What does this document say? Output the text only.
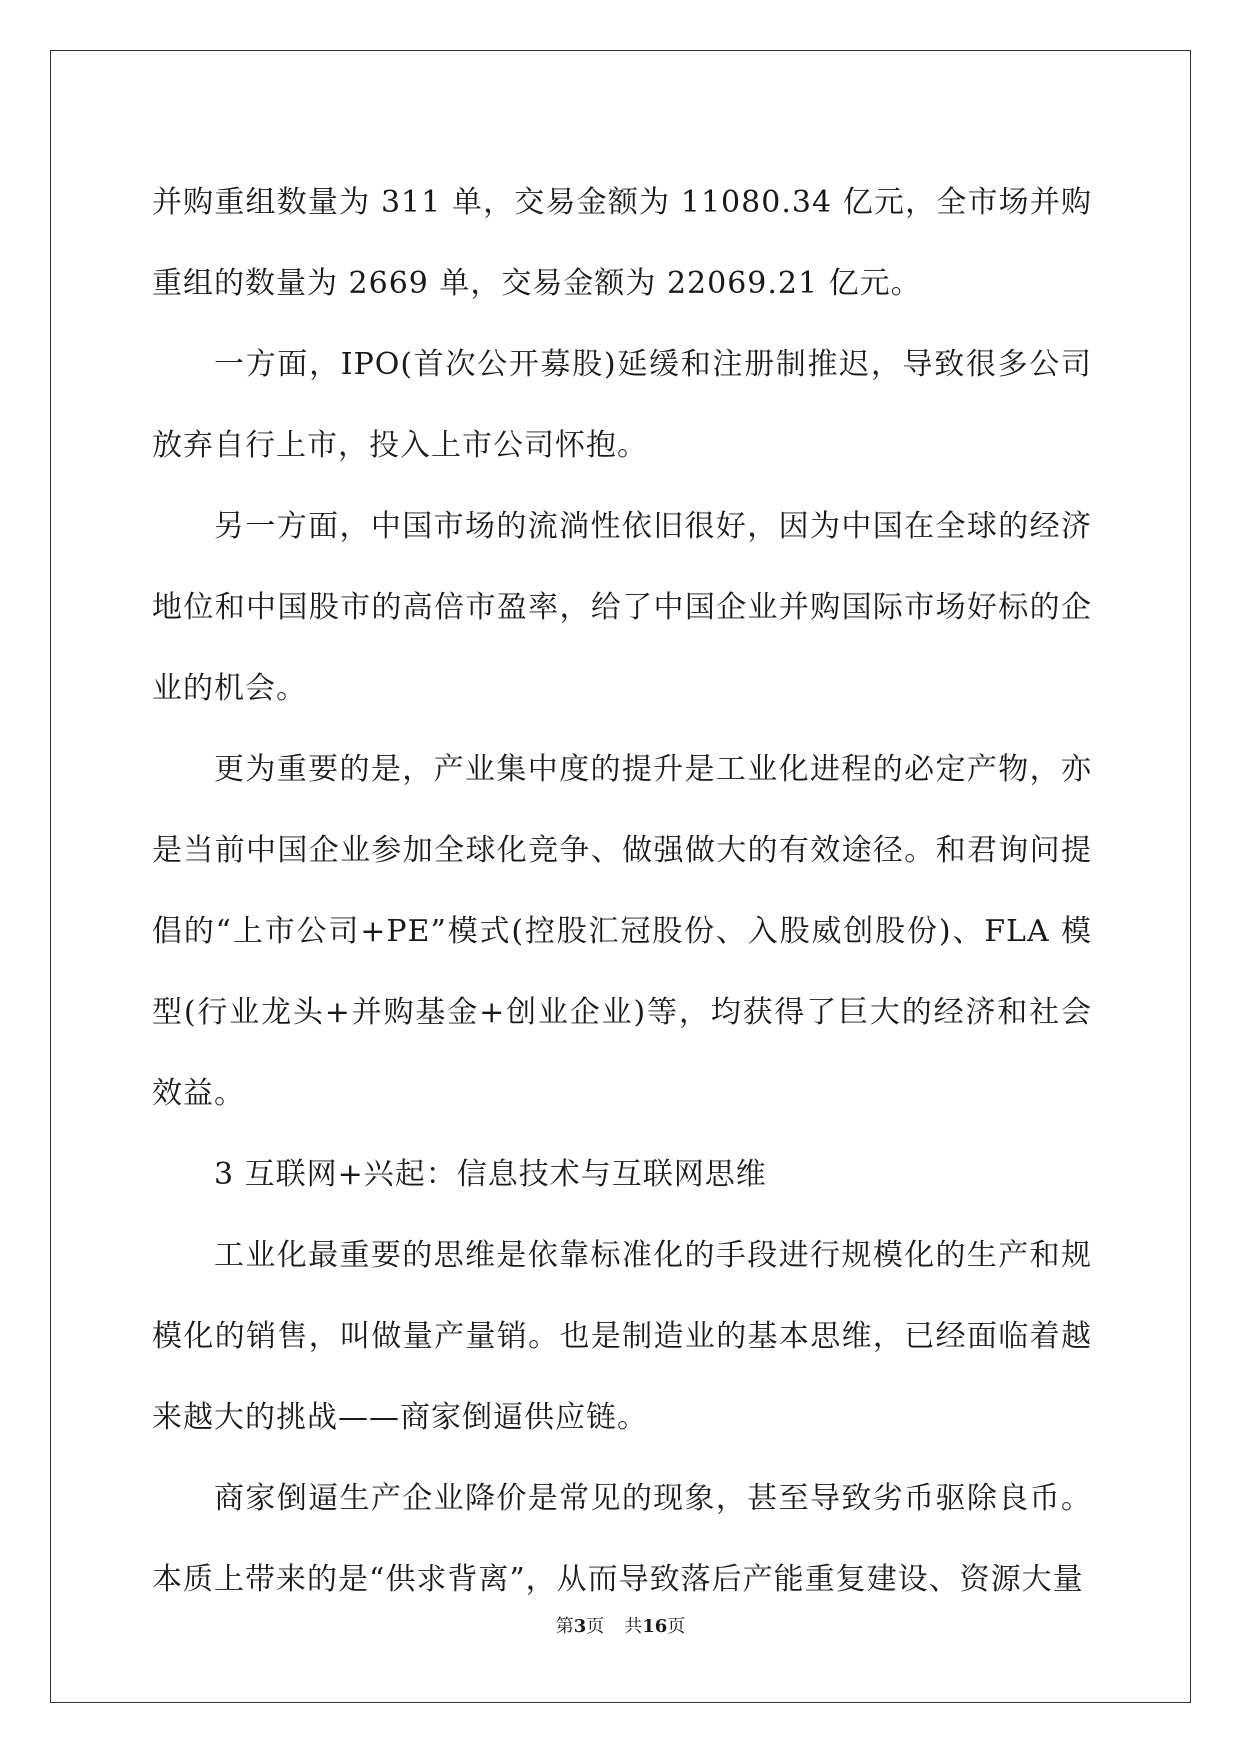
并购重组数量为 311 单，交易金额为 11080.34 亿元，全市场并购重组的数量为 2669 单，交易金额为 22069.21 亿元。

一方面，IPO(首次公开募股)延缓和注册制推迟，导致很多公司放弃自行上市，投入上市公司怀抱。

另一方面，中国市场的流淌性依旧很好，因为中国在全球的经济地位和中国股市的高倍市盈率，给了中国企业并购国际市场好标的企业的机会。

更为重要的是，产业集中度的提升是工业化进程的必定产物，亦是当前中国企业参加全球化竞争、做强做大的有效途径。和君询问提倡的“上市公司+PE”模式(控股汇冠股份、入股威创股份)、FLA 模型(行业龙头+并购基金+创业企业)等，均获得了巨大的经济和社会效益。

3 互联网+兴起：信息技术与互联网思维

工业化最重要的思维是依靠标准化的手段进行规模化的生产和规模化的销售，叫做量产量销。也是制造业的基本思维，已经面临着越来越大的挑战——商家倒逼供应链。

商家倒逼生产企业降价是常见的现象，甚至导致劣币驱除良币。本质上带来的是“供求背离”，从而导致落后产能重复建设、资源大量

第3页 共16页
